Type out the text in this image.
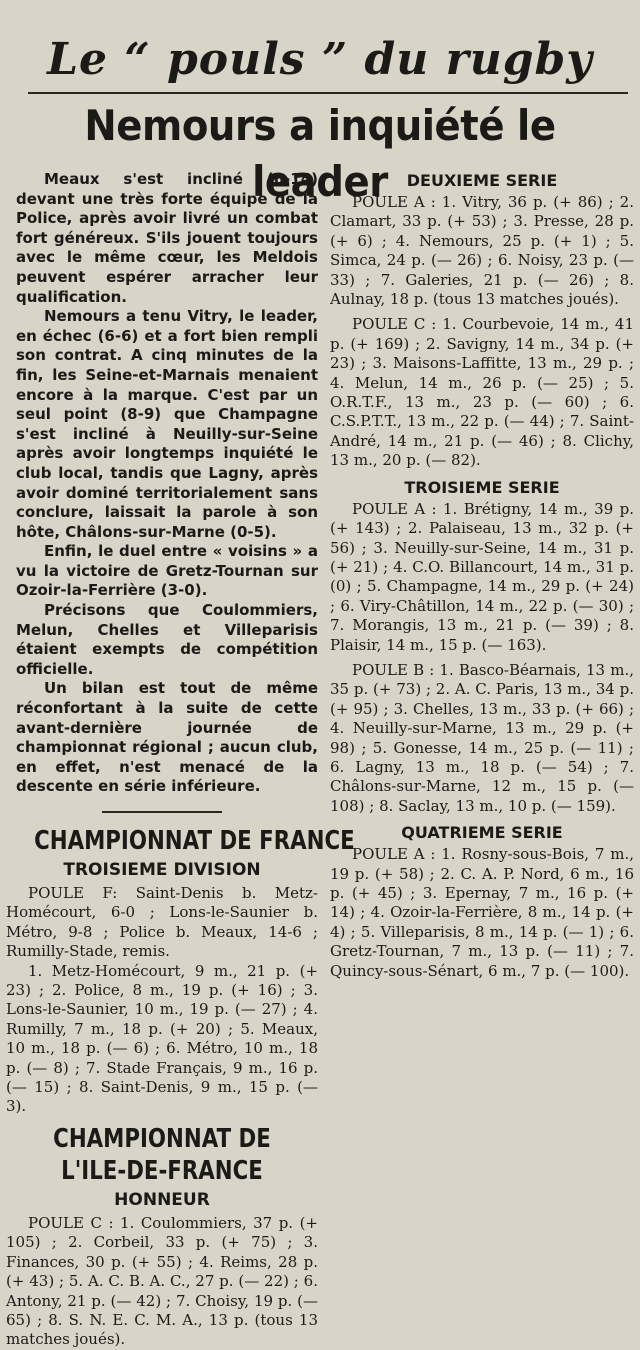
Le “ pouls ” du rugby
Nemours a inquiété le leader

Meaux s'est incliné (6-14) devant une très forte équipe de la Police, après avoir livré un combat fort généreux. S'ils jouent toujours avec le même cœur, les Meldois peuvent espérer arracher leur qualification.

Nemours a tenu Vitry, le leader, en échec (6-6) et a fort bien rempli son contrat. A cinq minutes de la fin, les Seine-et-Marnais menaient encore à la marque. C'est par un seul point (8-9) que Champagne s'est incliné à Neuilly-sur-Seine après avoir longtemps inquiété le club local, tandis que Lagny, après avoir dominé territorialement sans conclure, laissait la parole à son hôte, Châlons-sur-Marne (0-5).

Enfin, le duel entre « voisins » a vu la victoire de Gretz-Tournan sur Ozoir-la-Ferrière (3-0).

Précisons que Coulommiers, Melun, Chelles et Villeparisis étaient exempts de compétition officielle.

Un bilan est tout de même réconfortant à la suite de cette avant-dernière journée de championnat régional ; aucun club, en effet, n'est menacé de la descente en série inférieure.

CHAMPIONNAT DE FRANCE
TROISIEME DIVISION

POULE F: Saint-Denis b. Metz-Homécourt, 6-0 ; Lons-le-Saunier b. Métro, 9-8 ; Police b. Meaux, 14-6 ; Rumilly-Stade, remis.

1. Metz-Homécourt, 9 m., 21 p. (+ 23) ; 2. Police, 8 m., 19 p. (+ 16) ; 3. Lons-le-Saunier, 10 m., 19 p. (— 27) ; 4. Rumilly, 7 m., 18 p. (+ 20) ; 5. Meaux, 10 m., 18 p. (— 6) ; 6. Métro, 10 m., 18 p. (— 8) ; 7. Stade Français, 9 m., 16 p. (— 15) ; 8. Saint-Denis, 9 m., 15 p. (— 3).

CHAMPIONNAT DE
L'ILE-DE-FRANCE
HONNEUR

POULE C : 1. Coulommiers, 37 p. (+ 105) ; 2. Corbeil, 33 p. (+ 75) ; 3. Finances, 30 p. (+ 55) ; 4. Reims, 28 p. (+ 43) ; 5. A. C. B. A. C., 27 p. (— 22) ; 6. Antony, 21 p. (— 42) ; 7. Choisy, 19 p. (— 65) ; 8. S. N. E. C. M. A., 13 p. (tous 13 matches joués).

DEUXIEME SERIE

POULE A : 1. Vitry, 36 p. (+ 86) ; 2. Clamart, 33 p. (+ 53) ; 3. Presse, 28 p. (+ 6) ; 4. Nemours, 25 p. (+ 1) ; 5. Simca, 24 p. (— 26) ; 6. Noisy, 23 p. (— 33) ; 7. Galeries, 21 p. (— 26) ; 8. Aulnay, 18 p. (tous 13 matches joués).

POULE C : 1. Courbevoie, 14 m., 41 p. (+ 169) ; 2. Savigny, 14 m., 34 p. (+ 23) ; 3. Maisons-Laffitte, 13 m., 29 p. ; 4. Melun, 14 m., 26 p. (— 25) ; 5. O.R.T.F., 13 m., 23 p. (— 60) ; 6. C.S.P.T.T., 13 m., 22 p. (— 44) ; 7. Saint-André, 14 m., 21 p. (— 46) ; 8. Clichy, 13 m., 20 p. (— 82).

TROISIEME SERIE

POULE A : 1. Brétigny, 14 m., 39 p. (+ 143) ; 2. Palaiseau, 13 m., 32 p. (+ 56) ; 3. Neuilly-sur-Seine, 14 m., 31 p. (+ 21) ; 4. C.O. Billancourt, 14 m., 31 p. (0) ; 5. Champagne, 14 m., 29 p. (+ 24) ; 6. Viry-Châtillon, 14 m., 22 p. (— 30) ; 7. Morangis, 13 m., 21 p. (— 39) ; 8. Plaisir, 14 m., 15 p. (— 163).

POULE B : 1. Basco-Béarnais, 13 m., 35 p. (+ 73) ; 2. A. C. Paris, 13 m., 34 p. (+ 95) ; 3. Chelles, 13 m., 33 p. (+ 66) ; 4. Neuilly-sur-Marne, 13 m., 29 p. (+ 98) ; 5. Gonesse, 14 m., 25 p. (— 11) ; 6. Lagny, 13 m., 18 p. (— 54) ; 7. Châlons-sur-Marne, 12 m., 15 p. (— 108) ; 8. Saclay, 13 m., 10 p. (— 159).

QUATRIEME SERIE

POULE A : 1. Rosny-sous-Bois, 7 m., 19 p. (+ 58) ; 2. C. A. P. Nord, 6 m., 16 p. (+ 45) ; 3. Epernay, 7 m., 16 p. (+ 14) ; 4. Ozoir-la-Ferrière, 8 m., 14 p. (+ 4) ; 5. Villeparisis, 8 m., 14 p. (— 1) ; 6. Gretz-Tournan, 7 m., 13 p. (— 11) ; 7. Quincy-sous-Sénart, 6 m., 7 p. (— 100).
